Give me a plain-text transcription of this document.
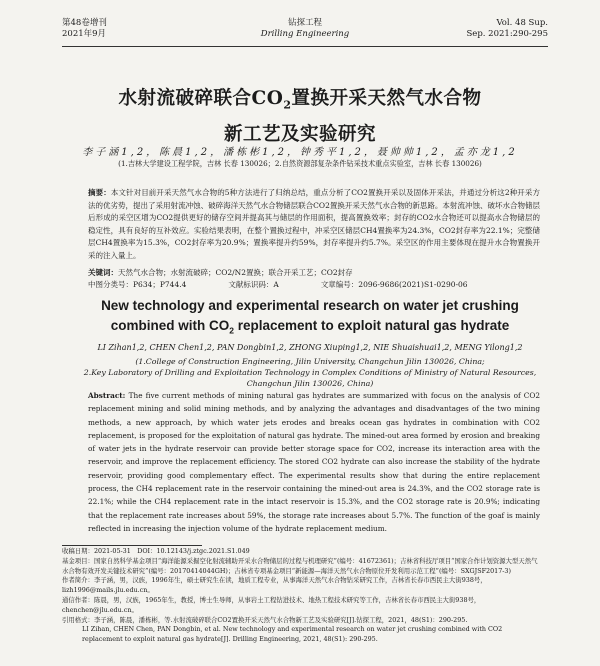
第48卷增刊
2021年9月
钻探工程
Drilling Engineering
Vol. 48 Sup.
Sep. 2021:290-295
水射流破碎联合$CO_2$置换开采天然气水合物
新工艺及实验研究
李子涵1,2，陈晨1,2，潘栋彬1,2，钟秀平1,2，聂帅帅1,2，孟亦龙1,2
(1.吉林大学建设工程学院，吉林 长春 130026；2.自然资源部复杂条件钻采技术重点实验室，吉林 长春 130026)
摘要：本文针对目前开采天然气水合物的5种方法进行了归纳总结，重点分析了CO2置换开采以及固体开采法，并通过分析这2种开采方法的优劣势，提出了采用射流冲蚀、破碎海洋天然气水合物储层联合CO2置换开采天然气水合物的新思路。本射流冲蚀、破坏水合物储层后形成的采空区增为CO2提供更好的储存空间并提高其与储层的作用面积，提高置换效率；封存的CO2水合物还可以提高水合物储层的稳定性，具有良好的互补效应。实验结果表明，在整个置换过程中，冲采空区储层CH4置换率为24.3%，CO2封存率为22.1%；完整储层CH4置换率为15.3%，CO2封存率为20.9%；置换率提升约59%，封存率提升约5.7%。采空区的作用主要体现在提升水合物置换开采的注入量上。
关键词：天然气水合物；水射流破碎；CO2/N2置换；联合开采工艺；CO2封存
中图分类号：P634；P744.4	文献标识码：A	文章编号：2096-9686(2021)S1-0290-06
New technology and experimental research on water jet crushing
combined with $CO_2$ replacement to exploit natural gas hydrate
LI Zihan1,2, CHEN Chen1,2, PAN Dongbin1,2, ZHONG Xiuping1,2, NIE Shuaishuai1,2, MENG Yilong1,2
(1.College of Construction Engineering, Jilin University, Changchun Jilin 130026, China;
2.Key Laboratory of Drilling and Exploitation Technology in Complex Conditions of Ministry of Natural Resources,
Changchun Jilin 130026, China)
Abstract: The five current methods of mining natural gas hydrates are summarized with focus on the analysis of CO2 replacement mining and solid mining methods, and by analyzing the advantages and disadvantages of the two mining methods, a new approach, by which water jets erodes and breaks ocean gas hydrates in combination with CO2 replacement, is proposed for the exploitation of natural gas hydrate. The mined-out area formed by erosion and breaking of water jets in the hydrate reservoir can provide better storage space for CO2, increase its interaction area with the reservoir, and improve the replacement efficiency. The stored CO2 hydrate can also increase the stability of the hydrate reservoir, providing good complementary effect. The experimental results show that during the entire replacement process, the CH4 replacement rate in the reservoir containing the mined-out area is 24.3%, and the CO2 storage rate is 22.1%; while the CH4 replacement rate in the intact reservoir is 15.3%, and the CO2 storage rate is 20.9%; indicating that the replacement rate increases about 59%, the storage rate increases about 5.7%. The function of the goaf is mainly reflected in increasing the injection volume of the hydrate replacement medium.

收稿日期：2021-05-31　DOI：10.12143/j.ztgc.2021.S1.049

基金项目：国家自然科学基金项目“海洋能源采掘空化射流辅助开采水合物储层的过程与机理研究”(编号：41672361)；吉林省科技厅项目“国家合作计划资源大型天然气水合物有效开发关键技术研究”(编号：20170414044GH)；吉林省专项基金项目“新能源—海洋天然气水合物原位开发利用示范工程”(编号：SXGJSF2017-3)

作者简介：李子涵，男，汉族，1996年生，硕士研究生在读，地质工程专业，从事海洋天然气水合物钻采研究工作，吉林省长春市西民主大街938号，lizh1996@mails.jlu.edu.cn。

通信作者：陈晨，男，汉族，1965年生，教授，博士生导师，从事岩土工程钻进技术、地热工程技术研究等工作，吉林省长春市西民主大街938号，chenchen@jlu.edu.cn。

引用格式：李子涵，陈晨，潘栋彬，等.水射流破碎联合CO2置换开采天然气水合物新工艺及实验研究[J].钻探工程，2021，48(S1)：290-295.

LI Zihan, CHEN Chen, PAN Dongbin, et al. New technology and experimental research on water jet crushing combined with CO2 replacement to exploit natural gas hydrate[J]. Drilling Engineering, 2021, 48(S1): 290-295.
